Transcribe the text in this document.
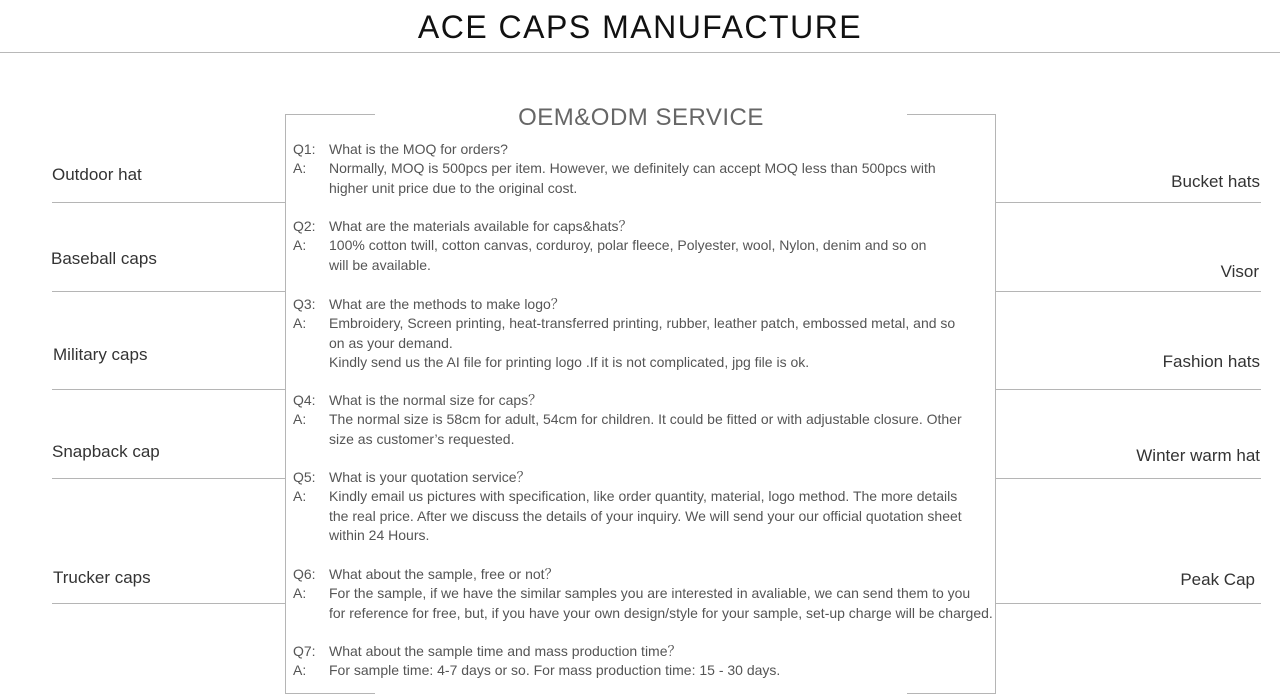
ACE CAPS MANUFACTURE
Outdoor hat
Baseball caps
Military caps
Snapback cap
Trucker caps
Bucket hats
Visor
Fashion hats
Winter warm hat
Peak Cap
OEM&ODM SERVICE
Q1: What is the MOQ for orders?
A:	Normally, MOQ is 500pcs per item. However, we definitely can accept MOQ less than 500pcs with
higher unit price due to the original cost.
Q2: What are the materials available for caps&hats？
A:	100% cotton twill, cotton canvas, corduroy, polar fleece, Polyester, wool, Nylon, denim and so on
will be available.
Q3: What are the methods to make logo？
A:	Embroidery, Screen printing, heat-transferred printing, rubber, leather patch, embossed metal, and so
on as your demand.
Kindly send us the AI file for printing logo .If it is not complicated, jpg file is ok.
Q4: What is the normal size for caps？
A:	The normal size is 58cm for adult, 54cm for children. It could be fitted or with adjustable closure. Other
size as customer’s requested.
Q5: What is your quotation service？
A:	Kindly email us pictures with specification, like order quantity, material, logo method. The more details
the real price. After we discuss the details of your inquiry. We will send your our official quotation sheet
within 24 Hours.
Q6: What about the sample, free or not？
A:	For the sample, if we have the similar samples you are interested in avaliable, we can send them to you
for reference for free, but, if you have your own design/style for your sample, set-up charge will be charged.
Q7: What about the sample time and mass production time？
A:	For sample time: 4-7 days or so. For mass production time: 15 - 30 days.
